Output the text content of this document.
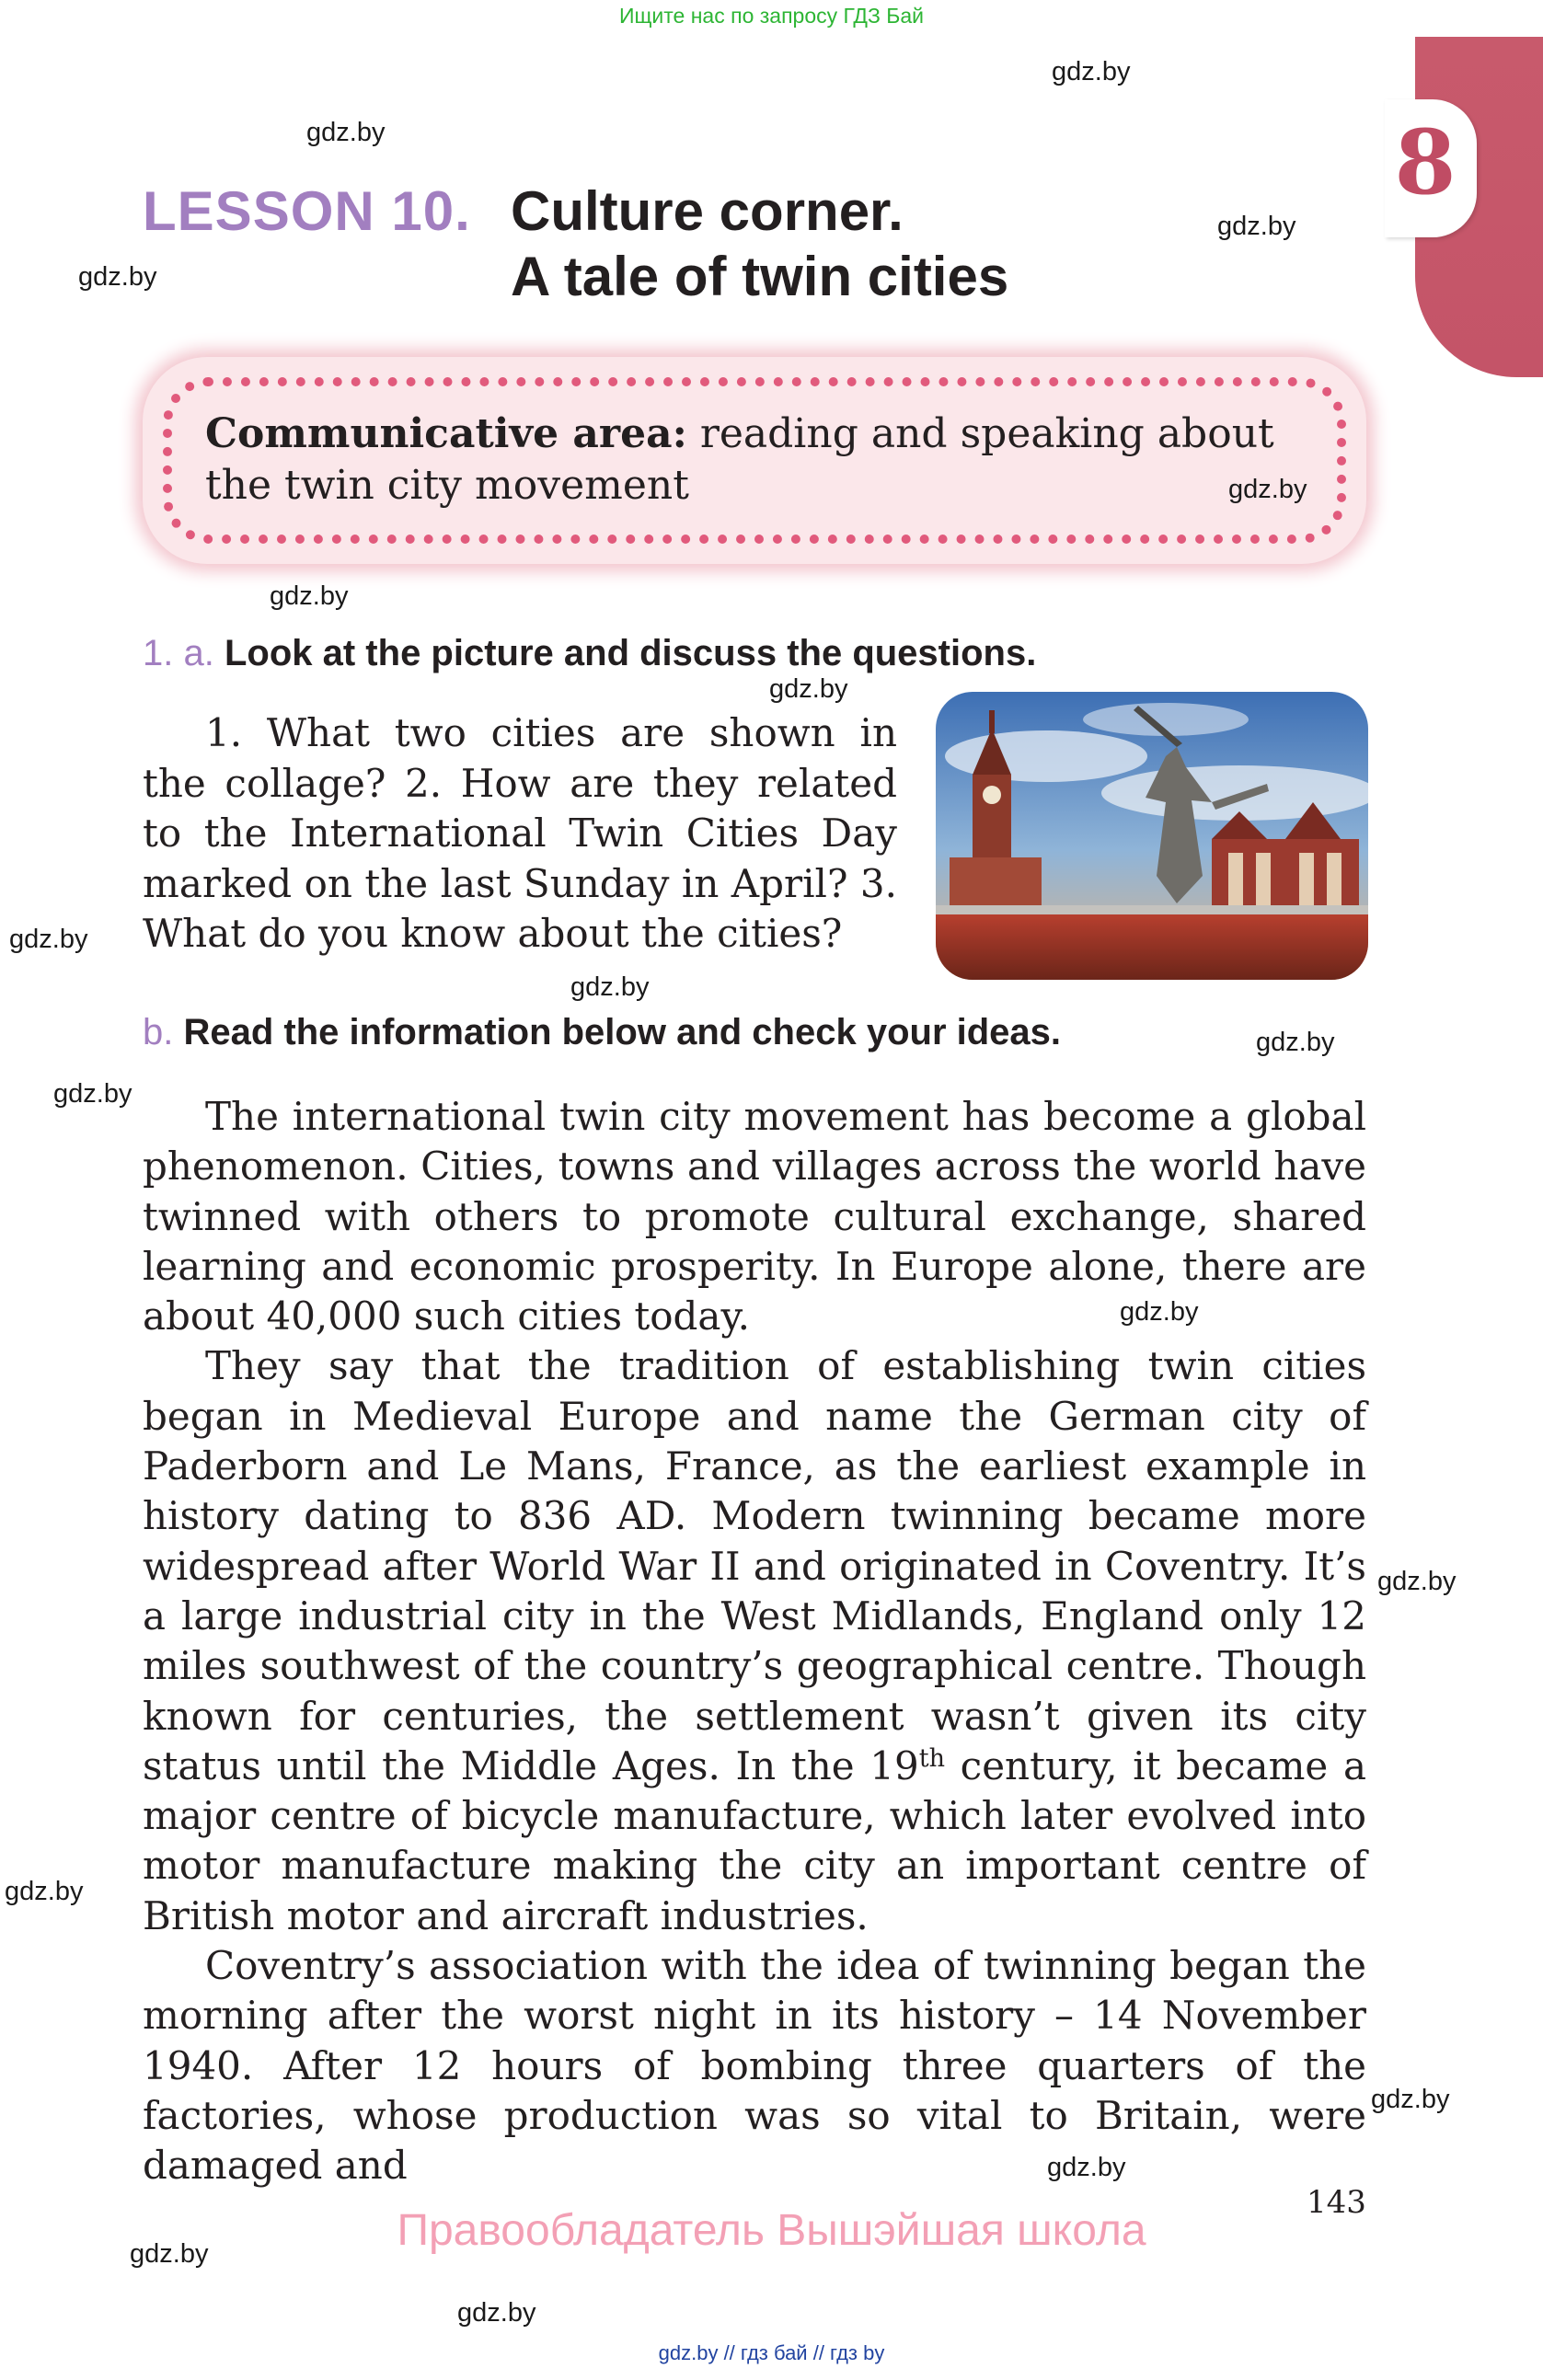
Ищите нас по запросу ГДЗ Бай
8
LESSON 10. Culture corner.
A tale of twin cities
Communicative area: reading and speaking about the twin city movement
1. a. Look at the picture and discuss the questions.

1. What two cities are shown in the collage? 2. How are they related to the International Twin Cities Day marked on the last Sunday in April? 3. What do you know about the cities?

b. Read the information below and check your ideas.

The international twin city movement has become a global phenomenon. Cities, towns and villages across the world have twinned with others to promote cultural exchange, shared learning and economic prosperity. In Europe alone, there are about 40,000 such cities today.

They say that the tradition of establishing twin cities began in Medieval Europe and name the German city of Paderborn and Le Mans, France, as the earliest example in history dating to 836 AD. Modern twinning became more widespread after World War II and originated in Coventry. It’s a large industrial city in the West Midlands, England only 12 miles southwest of the country’s geographical centre. Though known for centuries, the settlement wasn’t given its city status until the Middle Ages. In the 19th century, it became a major centre of bicycle manufacture, which later evolved into motor manufacture making the city an important centre of British motor and aircraft industries.

Coventry’s association with the idea of twinning began the morning after the worst night in its history – 14 November 1940. After 12 hours of bombing three quarters of the factories, whose production was so vital to Britain, were damaged and

143
Правообладатель Вышэйшая школа
gdz.by
gdz.by
gdz.by
gdz.by
gdz.by
gdz.by
gdz.by
gdz.by
gdz.by
gdz.by
gdz.by
gdz.by
gdz.by
gdz.by
gdz.by
gdz.by
gdz.by
gdz.by
gdz.by // гдз бай // гдз by
